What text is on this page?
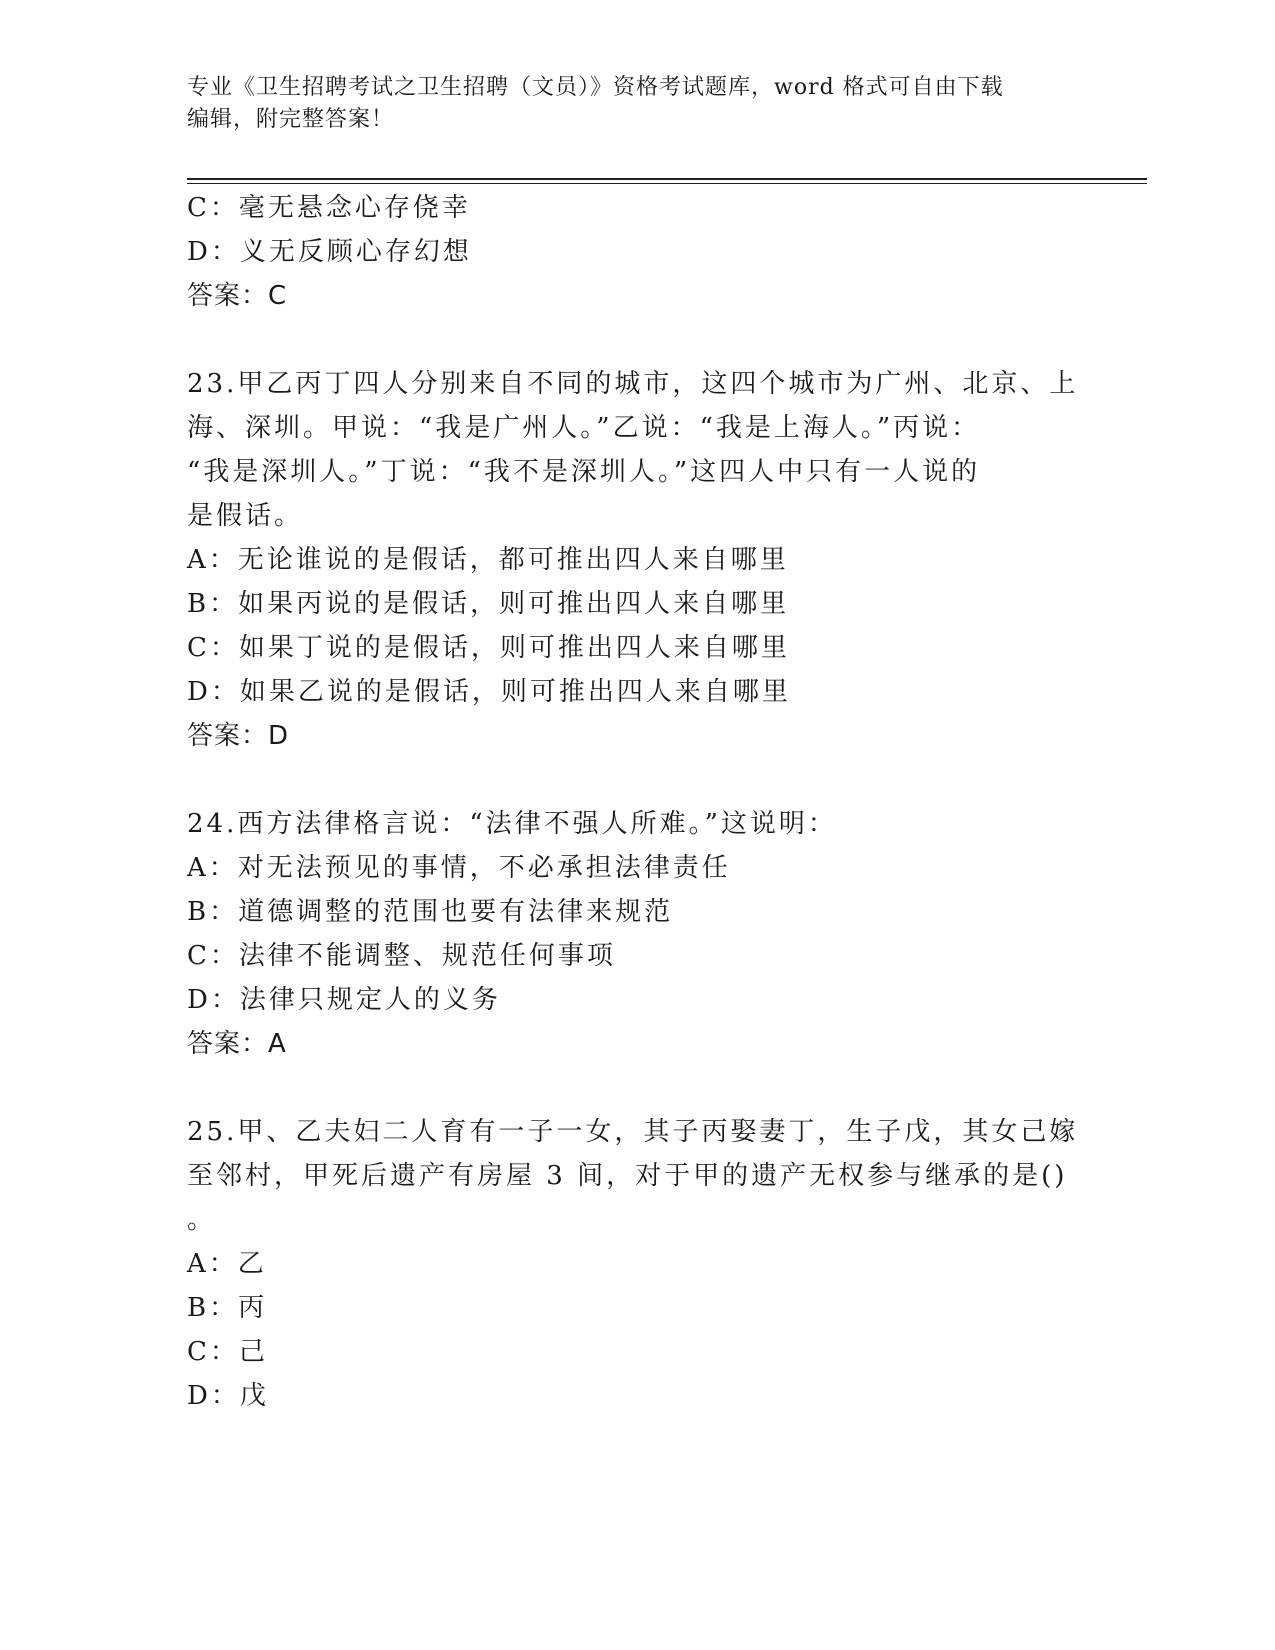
专业《卫生招聘考试之卫生招聘（文员）》资格考试题库，word 格式可自由下载
编辑，附完整答案！
C：毫无悬念心存侥幸
D：义无反顾心存幻想
答案：C
23.甲乙丙丁四人分别来自不同的城市，这四个城市为广州、北京、上
海、深圳。甲说：“我是广州人。”乙说：“我是上海人。”丙说：
“我是深圳人。”丁说：“我不是深圳人。”这四人中只有一人说的
是假话。
A：无论谁说的是假话，都可推出四人来自哪里
B：如果丙说的是假话，则可推出四人来自哪里
C：如果丁说的是假话，则可推出四人来自哪里
D：如果乙说的是假话，则可推出四人来自哪里
答案：D
24.西方法律格言说：“法律不强人所难。”这说明：
A：对无法预见的事情，不必承担法律责任
B：道德调整的范围也要有法律来规范
C：法律不能调整、规范任何事项
D：法律只规定人的义务
答案：A
25.甲、乙夫妇二人育有一子一女，其子丙娶妻丁，生子戊，其女己嫁
至邻村，甲死后遗产有房屋 3 间，对于甲的遗产无权参与继承的是()
。
A：乙
B：丙
C：己
D：戊
